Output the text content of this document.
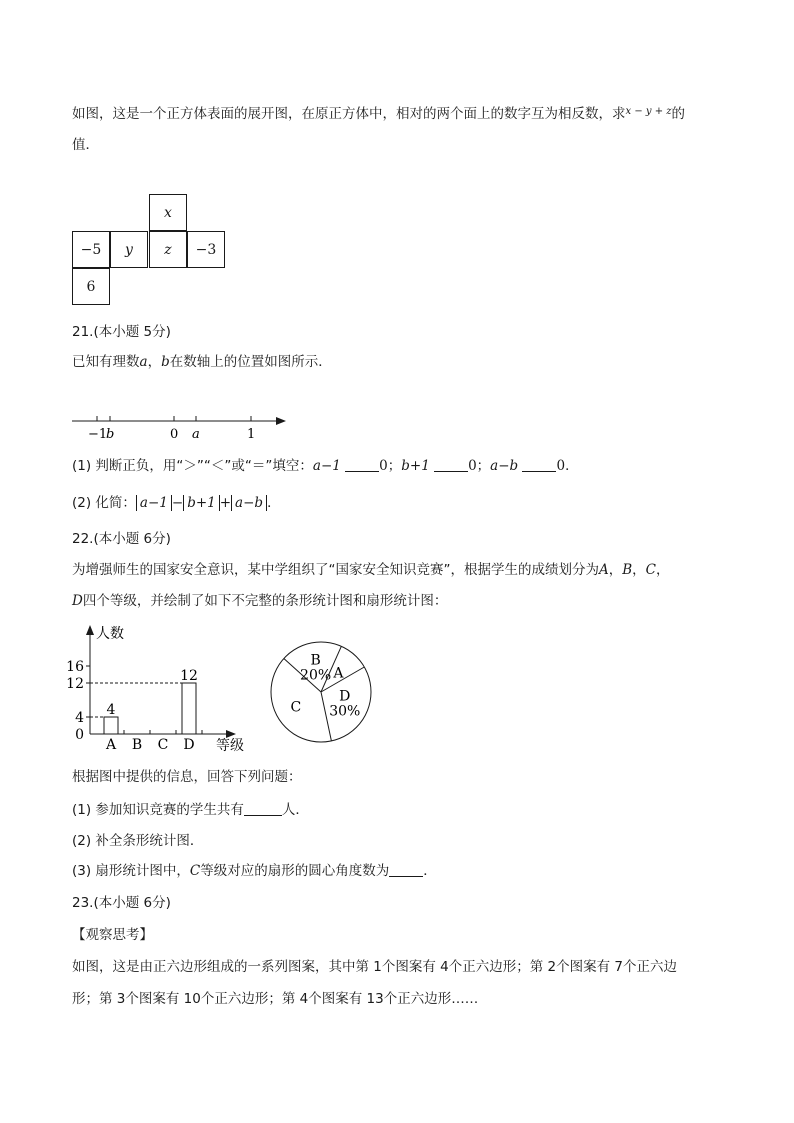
如图，这是一个正方体表面的展开图，在原正方体中，相对的两个面上的数字互为相反数，求$^{x - y + z}$的
值．
x
−5	y	z	−3
6
21.(本小题 5分)
已知有理数a，b在数轴上的位置如图所示．
−1
b	0 a	1
(1) 判断正负，用“＞”“＜”或“＝”填空：a−1	0；b+1	0；a−b	0．
(2) 化简： a−1 − b+1 + a−b ．
22.(本小题 6分)
为增强师生的国家安全意识，某中学组织了“国家安全知识竞赛”，根据学生的成绩划分为A，B，C，
D四个等级，并绘制了如下不完整的条形统计图和扇形统计图：
人数
等级
0
4
12
16
A
4
B C D
12
B
20% A
D
30%
C
根据图中提供的信息，回答下列问题：
(1) 参加知识竞赛的学生共有	人．
(2) 补全条形统计图．
(3) 扇形统计图中，C等级对应的扇形的圆心角度数为	．
23.(本小题 6分)
【观察思考】
如图，这是由正六边形组成的一系列图案，其中第 1个图案有 4个正六边形；第 2个图案有 7个正六边
形；第 3个图案有 10个正六边形；第 4个图案有 13个正六边形……
